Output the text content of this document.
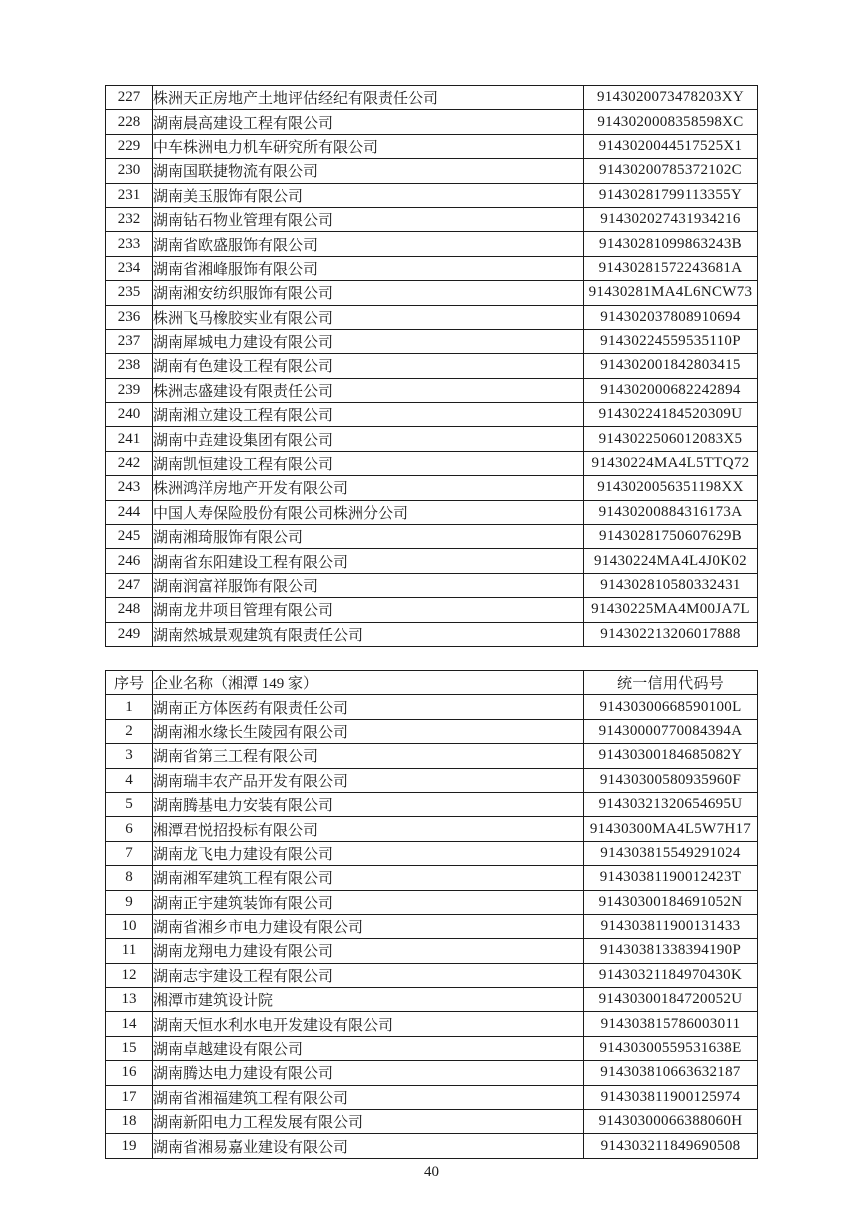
227	株洲天正房地产土地评估经纪有限责任公司	9143020073478203XY
228	湖南晨高建设工程有限公司	9143020008358598XC
229	中车株洲电力机车研究所有限公司	9143020044517525X1
230	湖南国联捷物流有限公司	91430200785372102C
231	湖南美玉服饰有限公司	91430281799113355Y
232	湖南钻石物业管理有限公司	914302027431934216
233	湖南省欧盛服饰有限公司	91430281099863243B
234	湖南省湘峰服饰有限公司	91430281572243681A
235	湖南湘安纺织服饰有限公司	91430281MA4L6NCW73
236	株洲飞马橡胶实业有限公司	914302037808910694
237	湖南犀城电力建设有限公司	91430224559535110P
238	湖南有色建设工程有限公司	914302001842803415
239	株洲志盛建设有限责任公司	914302000682242894
240	湖南湘立建设工程有限公司	91430224184520309U
241	湖南中垚建设集团有限公司	9143022506012083X5
242	湖南凯恒建设工程有限公司	91430224MA4L5TTQ72
243	株洲鸿洋房地产开发有限公司	9143020056351198XX
244	中国人寿保险股份有限公司株洲分公司	91430200884316173A
245	湖南湘琦服饰有限公司	91430281750607629B
246	湖南省东阳建设工程有限公司	91430224MA4L4J0K02
247	湖南润富祥服饰有限公司	914302810580332431
248	湖南龙井项目管理有限公司	91430225MA4M00JA7L
249	湖南然城景观建筑有限责任公司	914302213206017888
序号	企业名称（湘潭 149 家）	统一信用代码号
1	湖南正方体医药有限责任公司	91430300668590100L
2	湖南湘水缘长生陵园有限公司	91430000770084394A
3	湖南省第三工程有限公司	91430300184685082Y
4	湖南瑞丰农产品开发有限公司	91430300580935960F
5	湖南腾基电力安装有限公司	91430321320654695U
6	湘潭君悦招投标有限公司	91430300MA4L5W7H17
7	湖南龙飞电力建设有限公司	914303815549291024
8	湖南湘军建筑工程有限公司	91430381190012423T
9	湖南正宇建筑装饰有限公司	91430300184691052N
10	湖南省湘乡市电力建设有限公司	914303811900131433
11	湖南龙翔电力建设有限公司	91430381338394190P
12	湖南志宇建设工程有限公司	91430321184970430K
13	湘潭市建筑设计院	91430300184720052U
14	湖南天恒水利水电开发建设有限公司	914303815786003011
15	湖南卓越建设有限公司	91430300559531638E
16	湖南腾达电力建设有限公司	914303810663632187
17	湖南省湘福建筑工程有限公司	914303811900125974
18	湖南新阳电力工程发展有限公司	91430300066388060H
19	湖南省湘易嘉业建设有限公司	914303211849690508
40
